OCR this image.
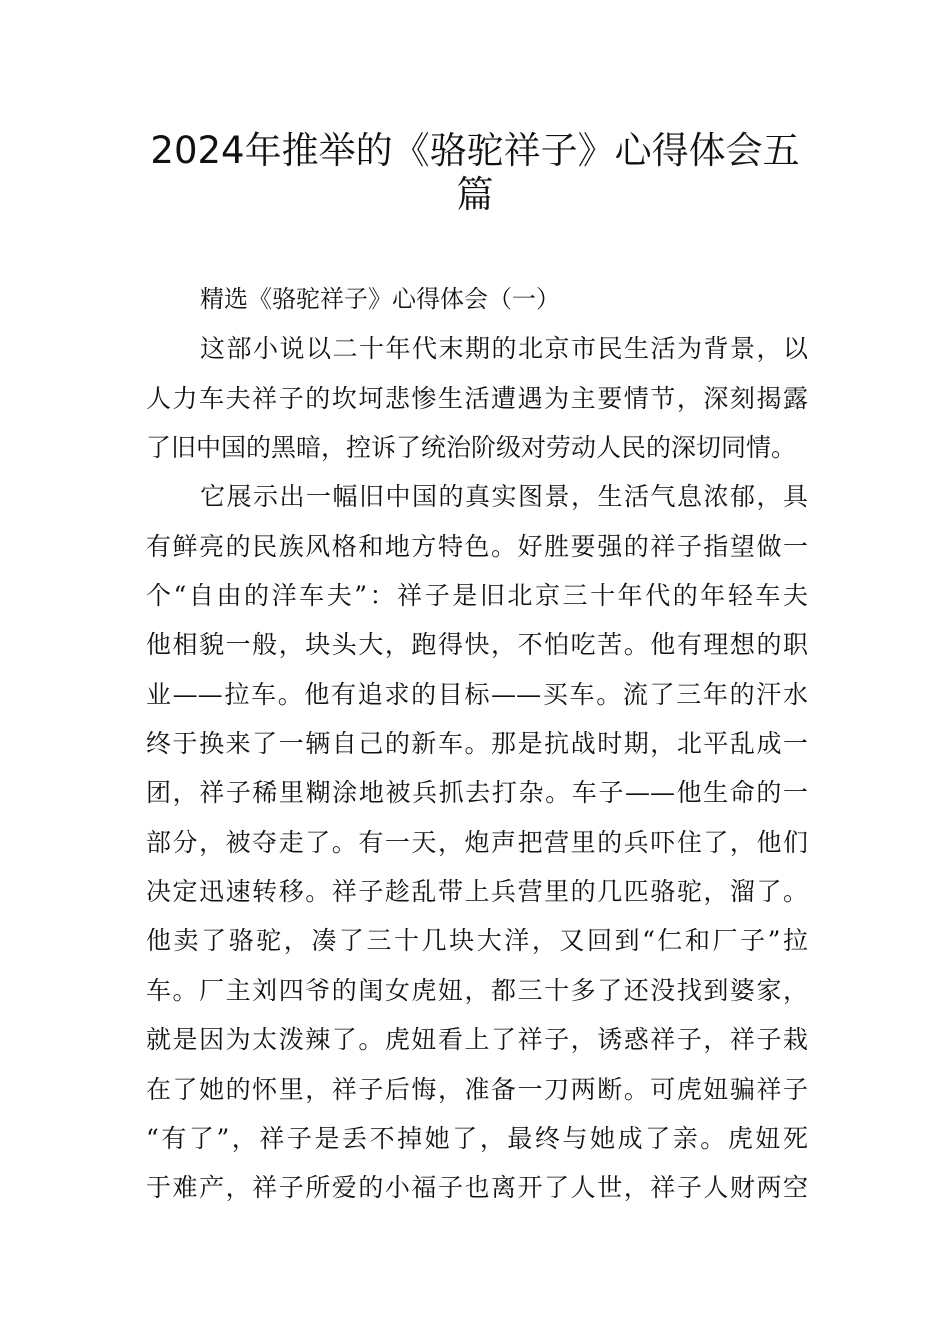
2024年推举的《骆驼祥子》心得体会五
篇
精选《骆驼祥子》心得体会（一）
这部小说以二十年代末期的北京市民生活为背景，以
人力车夫祥子的坎坷悲惨生活遭遇为主要情节，深刻揭露
了旧中国的黑暗，控诉了统治阶级对劳动人民的深切同情。
它展示出一幅旧中国的真实图景，生活气息浓郁，具
有鲜亮的民族风格和地方特色。好胜要强的祥子指望做一
个“自由的洋车夫”：祥子是旧北京三十年代的年轻车夫
他相貌一般，块头大，跑得快，不怕吃苦。他有理想的职
业——拉车。他有追求的目标——买车。流了三年的汗水
终于换来了一辆自己的新车。那是抗战时期，北平乱成一
团，祥子稀里糊涂地被兵抓去打杂。车子——他生命的一
部分，被夺走了。有一天，炮声把营里的兵吓住了，他们
决定迅速转移。祥子趁乱带上兵营里的几匹骆驼，溜了。
他卖了骆驼，凑了三十几块大洋，又回到“仁和厂子”拉
车。厂主刘四爷的闺女虎妞，都三十多了还没找到婆家，
就是因为太泼辣了。虎妞看上了祥子，诱惑祥子，祥子栽
在了她的怀里，祥子后悔，准备一刀两断。可虎妞骗祥子
“有了”，祥子是丢不掉她了，最终与她成了亲。虎妞死
于难产，祥子所爱的小福子也离开了人世，祥子人财两空
